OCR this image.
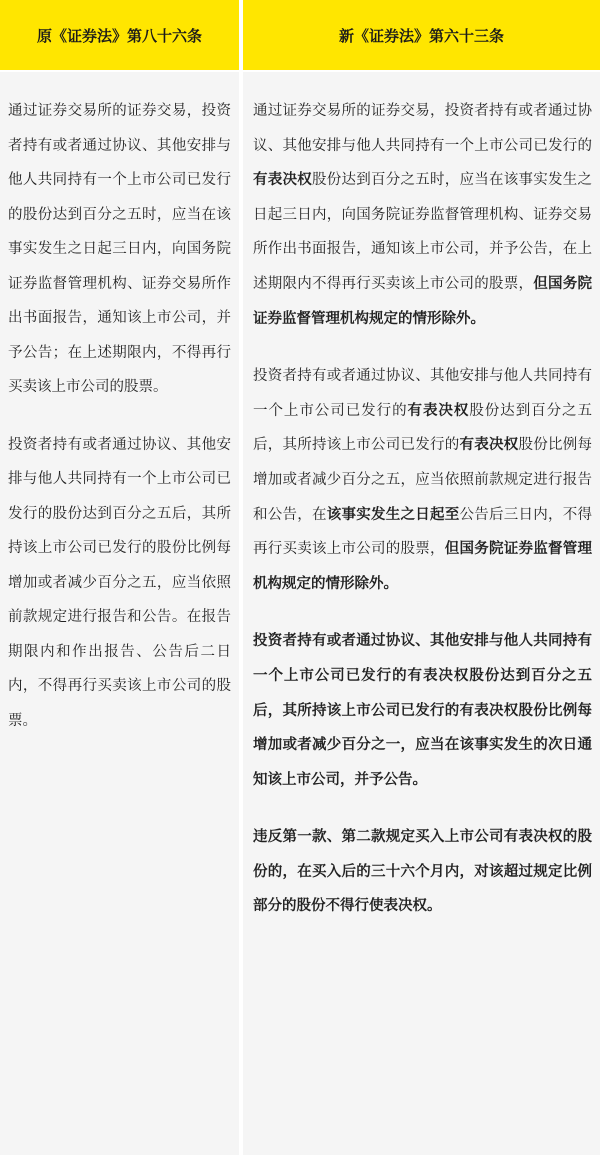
原《证券法》第八十六条	新《证券法》第六十三条

通过证券交易所的证券交易，投资者持有或者通过协议、其他安排与他人共同持有一个上市公司已发行的股份达到百分之五时，应当在该事实发生之日起三日内，向国务院证券监督管理机构、证券交易所作出书面报告，通知该上市公司，并予公告；在上述期限内，不得再行买卖该上市公司的股票。

投资者持有或者通过协议、其他安排与他人共同持有一个上市公司已发行的股份达到百分之五后，其所持该上市公司已发行的股份比例每增加或者减少百分之五，应当依照前款规定进行报告和公告。在报告期限内和作出报告、公告后二日内，不得再行买卖该上市公司的股票。

通过证券交易所的证券交易，投资者持有或者通过协议、其他安排与他人共同持有一个上市公司已发行的有表决权股份达到百分之五时，应当在该事实发生之日起三日内，向国务院证券监督管理机构、证券交易所作出书面报告，通知该上市公司，并予公告，在上述期限内不得再行买卖该上市公司的股票，但国务院证券监督管理机构规定的情形除外。

投资者持有或者通过协议、其他安排与他人共同持有一个上市公司已发行的有表决权股份达到百分之五后，其所持该上市公司已发行的有表决权股份比例每增加或者减少百分之五，应当依照前款规定进行报告和公告，在该事实发生之日起至公告后三日内，不得再行买卖该上市公司的股票，但国务院证券监督管理机构规定的情形除外。

投资者持有或者通过协议、其他安排与他人共同持有一个上市公司已发行的有表决权股份达到百分之五后，其所持该上市公司已发行的有表决权股份比例每增加或者减少百分之一，应当在该事实发生的次日通知该上市公司，并予公告。

违反第一款、第二款规定买入上市公司有表决权的股份的，在买入后的三十六个月内，对该超过规定比例部分的股份不得行使表决权。
